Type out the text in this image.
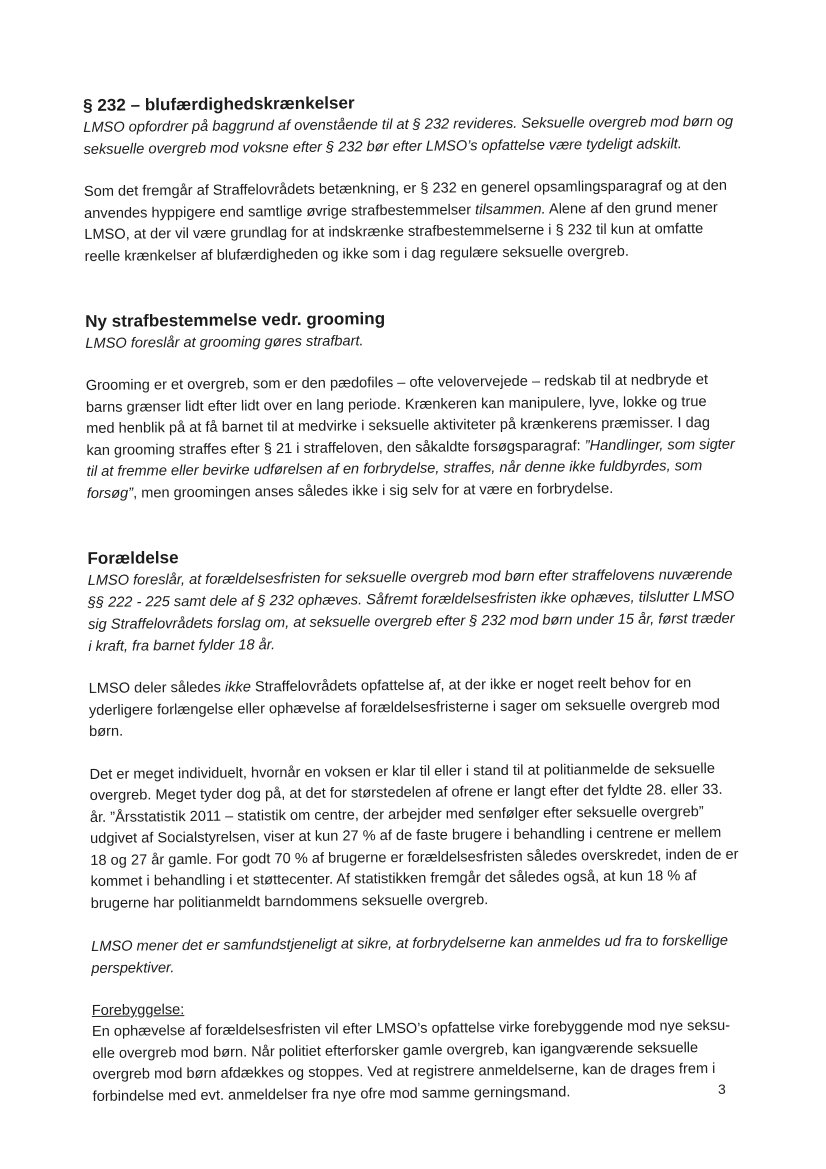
§ 232 – blufærdighedskrænkelser

LMSO opfordrer på baggrund af ovenstående til at § 232 revideres. Seksuelle overgreb mod børn og seksuelle overgreb mod voksne efter § 232 bør efter LMSO’s opfattelse være tydeligt adskilt.

Som det fremgår af Straffelovrådets betænkning, er § 232 en generel opsamlingsparagraf og at den anvendes hyppigere end samtlige øvrige strafbestemmelser tilsammen. Alene af den grund mener LMSO, at der vil være grundlag for at indskrænke strafbestemmelserne i § 232 til kun at omfatte reelle krænkelser af blufærdigheden og ikke som i dag regulære seksuelle overgreb.

Ny strafbestemmelse vedr. grooming

LMSO foreslår at grooming gøres strafbart.

Grooming er et overgreb, som er den pædofiles – ofte velovervejede – redskab til at nedbryde et barns grænser lidt efter lidt over en lang periode. Krænkeren kan manipulere, lyve, lokke og true med henblik på at få barnet til at medvirke i seksuelle aktiviteter på krænkerens præmisser. I dag kan grooming straffes efter § 21 i straffeloven, den såkaldte forsøgsparagraf: ”Handlinger, som sigter til at fremme eller bevirke udførelsen af en forbrydelse, straffes, når denne ikke fuldbyrdes, som forsøg”, men groomingen anses således ikke i sig selv for at være en forbrydelse.

Forældelse

LMSO foreslår, at forældelsesfristen for seksuelle overgreb mod børn efter straffelovens nuværende §§ 222 - 225 samt dele af § 232 ophæves. Såfremt forældelsesfristen ikke ophæves, tilslutter LMSO sig Straffelovrådets forslag om, at seksuelle overgreb efter § 232 mod børn under 15 år, først træder i kraft, fra barnet fylder 18 år.

LMSO deler således ikke Straffelovrådets opfattelse af, at der ikke er noget reelt behov for en yderligere forlængelse eller ophævelse af forældelsesfristerne i sager om seksuelle overgreb mod børn.

Det er meget individuelt, hvornår en voksen er klar til eller i stand til at politianmelde de seksuelle overgreb. Meget tyder dog på, at det for størstedelen af ofrene er langt efter det fyldte 28. eller 33. år. ”Årsstatistik 2011 – statistik om centre, der arbejder med senfølger efter seksuelle overgreb” udgivet af Socialstyrelsen, viser at kun 27 % af de faste brugere i behandling i centrene er mellem 18 og 27 år gamle. For godt 70 % af brugerne er forældelsesfristen således overskredet, inden de er kommet i behandling i et støttecenter. Af statistikken fremgår det således også, at kun 18 % af brugerne har politianmeldt barndommens seksuelle overgreb.

LMSO mener det er samfundstjeneligt at sikre, at forbrydelserne kan anmeldes ud fra to forskellige perspektiver.

Forebyggelse:

En ophævelse af forældelsesfristen vil efter LMSO’s opfattelse virke forebyggende mod nye seksu-elle overgreb mod børn. Når politiet efterforsker gamle overgreb, kan igangværende seksuelle overgreb mod børn afdækkes og stoppes. Ved at registrere anmeldelserne, kan de drages frem i forbindelse med evt. anmeldelser fra nye ofre mod samme gerningsmand.	3
